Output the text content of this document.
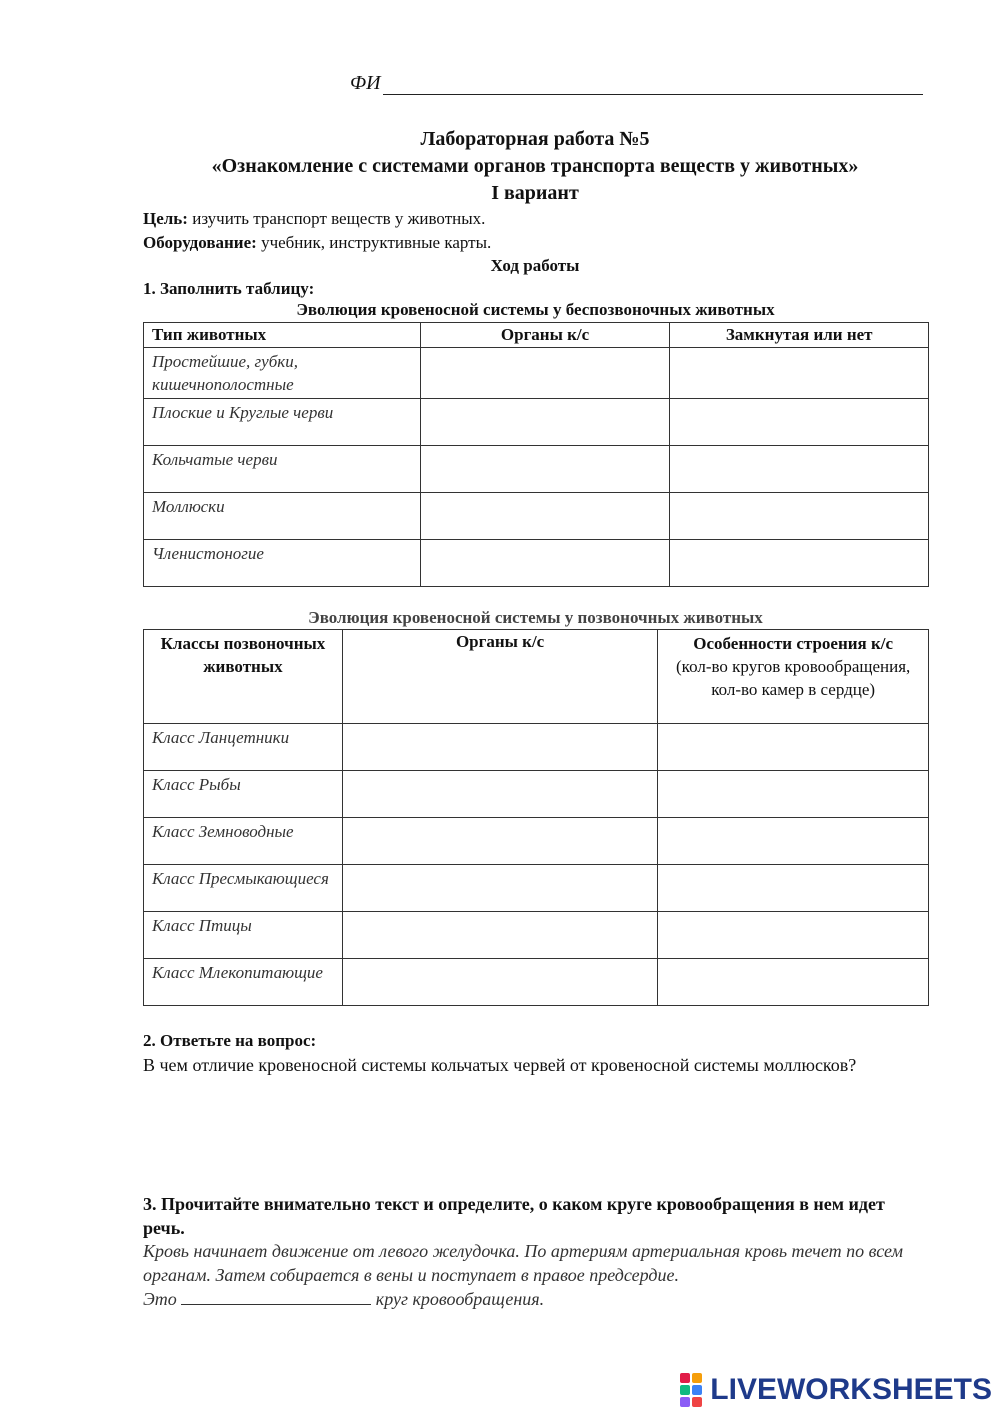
ФИ
Лабораторная работа №5
«Ознакомление с системами органов транспорта веществ у животных»
I вариант
Цель: изучить транспорт веществ у животных.
Оборудование: учебник, инструктивные карты.
Ход работы
1. Заполнить таблицу:
Эволюция кровеносной системы у беспозвоночных животных
Тип животных	Органы к/с	Замкнутая или нет
Простейшие, губки, кишечнополостные		
Плоские и Круглые черви		
Кольчатые черви		
Моллюски		
Членистоногие		
Эволюция кровеносной системы у позвоночных животных
Классы позвоночных животных	Органы к/с	Особенности строения к/с
(кол-во кругов кровообращения, кол-во камер в сердце)

Класс Ланцетники		
Класс Рыбы		
Класс Земноводные		
Класс Пресмыкающиеся		
Класс Птицы		
Класс Млекопитающие		
2. Ответьте на вопрос:
В чем отличие кровеносной системы кольчатых червей от кровеносной системы моллюсков?
3. Прочитайте внимательно текст и определите, о каком круге кровообращения в нем идет речь.
Кровь начинает движение от левого желудочка. По артериям артериальная кровь течет по всем органам. Затем собирается в вены и поступает в правое предсердие.
Это	круг кровообращения.
LIVEWORKSHEETS
